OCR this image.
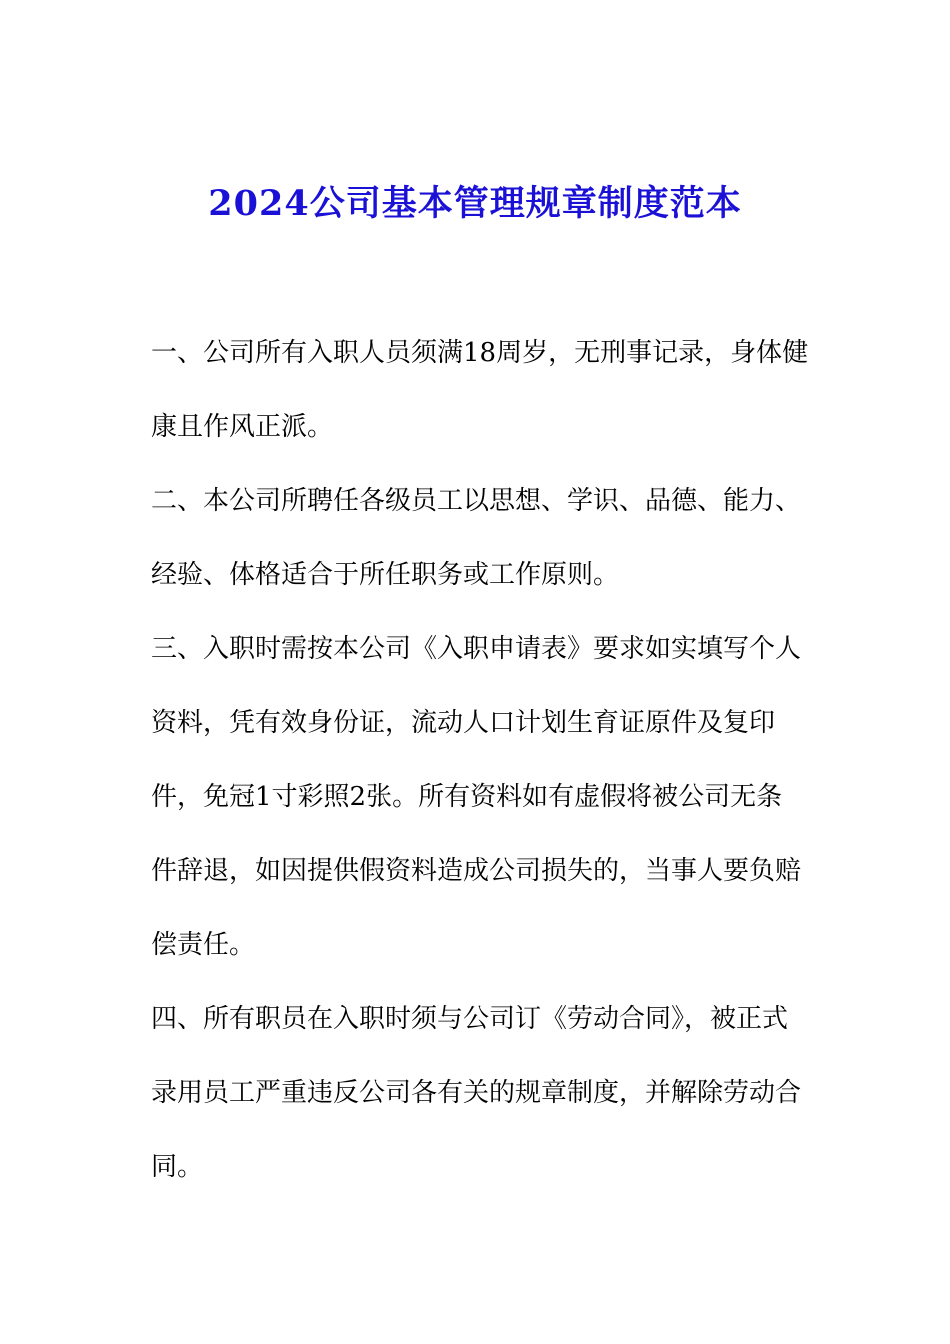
2024公司基本管理规章制度范本
一、公司所有入职人员须满18周岁，无刑事记录，身体健
康且作风正派。
二、本公司所聘任各级员工以思想、学识、品德、能力、
经验、体格适合于所任职务或工作原则。
三、入职时需按本公司《入职申请表》要求如实填写个人
资料，凭有效身份证，流动人口计划生育证原件及复印
件，免冠1寸彩照2张。所有资料如有虚假将被公司无条
件辞退，如因提供假资料造成公司损失的，当事人要负赔
偿责任。
四、所有职员在入职时须与公司订《劳动合同》，被正式
录用员工严重违反公司各有关的规章制度，并解除劳动合
同。
